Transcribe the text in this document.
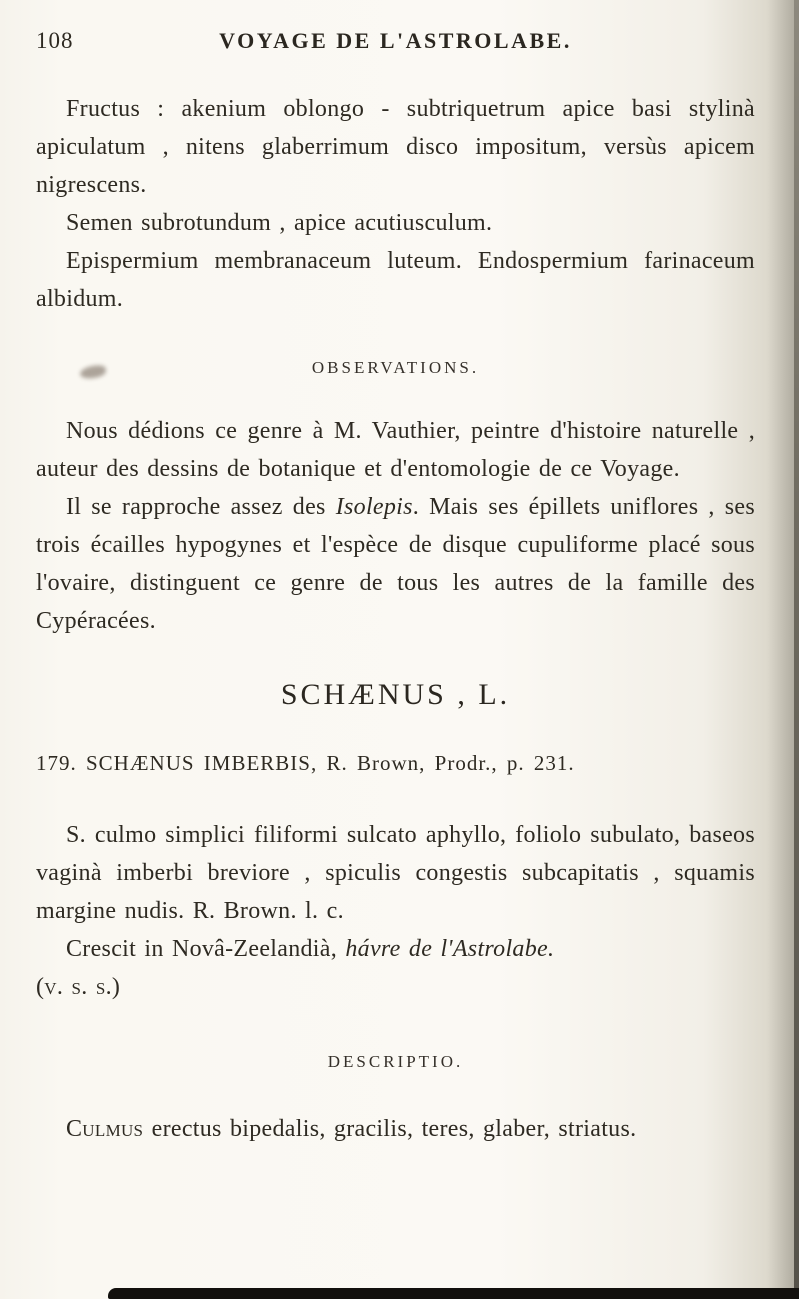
108	VOYAGE DE L'ASTROLABE.

Fructus : akenium oblongo - subtriquetrum apice basi stylinà apiculatum , nitens glaberrimum disco impositum, versùs apicem nigrescens.

Semen subrotundum , apice acutiusculum.

Epispermium membranaceum luteum. Endospermium farinaceum albidum.

OBSERVATIONS.

Nous dédions ce genre à M. Vauthier, peintre d'histoire naturelle , auteur des dessins de botanique et d'entomologie de ce Voyage.

Il se rapproche assez des Isolepis. Mais ses épillets uniflores , ses trois écailles hypogynes et l'espèce de disque cupuliforme placé sous l'ovaire, distinguent ce genre de tous les autres de la famille des Cypéracées.

SCHÆNUS , L.

179. SCHÆNUS IMBERBIS, R. Brown, Prodr., p. 231.

S. culmo simplici filiformi sulcato aphyllo, foliolo subulato, baseos vaginà imberbi breviore , spiculis congestis subcapitatis , squamis margine nudis. R. Brown. l. c.

Crescit in Novâ-Zeelandià, hávre de l'Astrolabe.
(v. s. s.)

DESCRIPTIO.

Culmus erectus bipedalis, gracilis, teres, glaber, striatus.
